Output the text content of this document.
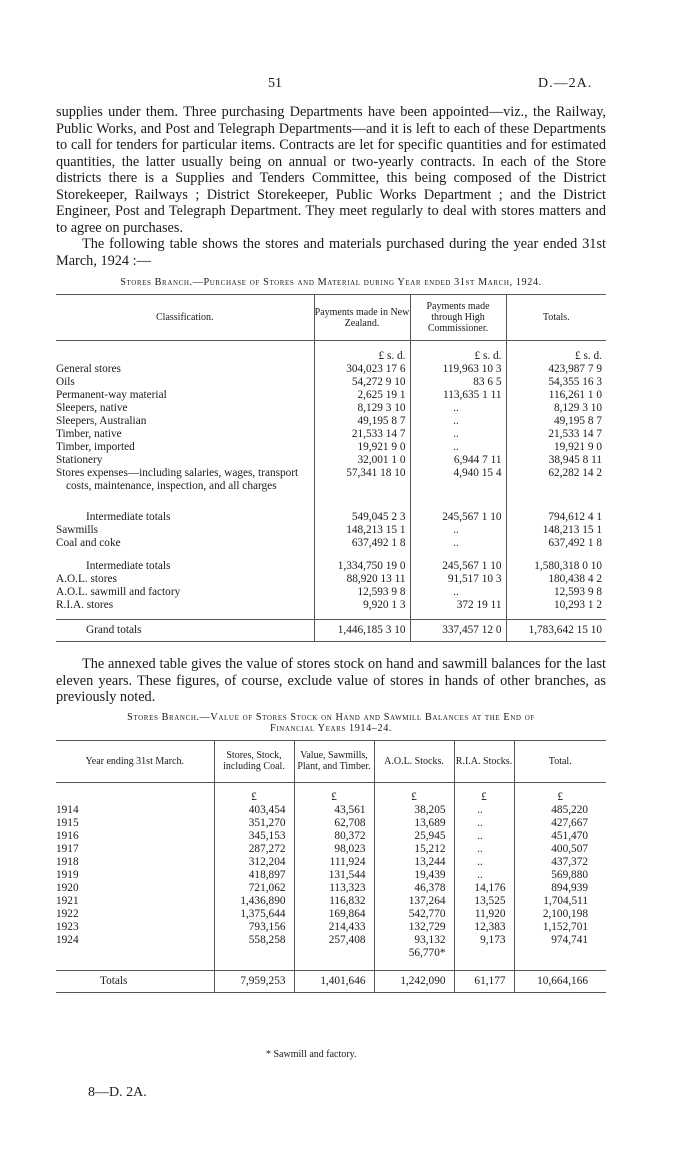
51	D.—2A.

supplies under them. Three purchasing Departments have been appointed—viz., the Railway, Public Works, and Post and Telegraph Departments—and it is left to each of these Departments to call for tenders for particular items. Contracts are let for specific quantities and for estimated quantities, the latter usually being on annual or two-yearly contracts. In each of the Store districts there is a Supplies and Tenders Committee, this being composed of the District Storekeeper, Railways ; District Storekeeper, Public Works Department ; and the District Engineer, Post and Telegraph Department. They meet regularly to deal with stores matters and to agree on purchases.

The following table shows the stores and materials purchased during the year ended 31st March, 1924 :—

Stores Branch.—Purchase of Stores and Material during Year ended 31st March, 1924.

Classification.	Payments made in New Zealand.	Payments made through High Commissioner.	Totals.
	£ s. d.	£ s. d.	£ s. d.
General stores	304,023 17 6	119,963 10 3	423,987 7 9
Oils	54,272 9 10	83 6 5	54,355 16 3
Permanent-way material	2,625 19 1	113,635 1 11	116,261 1 0
Sleepers, native	8,129 3 10	..	8,129 3 10
Sleepers, Australian	49,195 8 7	..	49,195 8 7
Timber, native	21,533 14 7	..	21,533 14 7
Timber, imported	19,921 9 0	..	19,921 9 0
Stationery	32,001 1 0	6,944 7 11	38,945 8 11
Stores expenses—including salaries, wages, transport costs, maintenance, inspection, and all charges	57,341 18 10	4,940 15 4	62,282 14 2

Intermediate totals	549,045 2 3	245,567 1 10	794,612 4 1
Sawmills	148,213 15 1	..	148,213 15 1
Coal and coke	637,492 1 8	..	637,492 1 8

Intermediate totals	1,334,750 19 0	245,567 1 10	1,580,318 0 10
A.O.L. stores	88,920 13 11	91,517 10 3	180,438 4 2
A.O.L. sawmill and factory	12,593 9 8	..	12,593 9 8
R.I.A. stores	9,920 1 3	372 19 11	10,293 1 2

Grand totals	1,446,185 3 10	337,457 12 0	1,783,642 15 10

The annexed table gives the value of stores stock on hand and sawmill balances for the last eleven years. These figures, of course, exclude value of stores in hands of other branches, as previously noted.

Stores Branch.—Value of Stores Stock on Hand and Sawmill Balances at the End of

Financial Years 1914–24.

Year ending 31st March.	Stores, Stock, including Coal.	Value, Sawmills, Plant, and Timber.	A.O.L. Stocks.	R.I.A. Stocks.	Total.
	£	£	£	£	£
1914	403,454	43,561	38,205	..	485,220
1915	351,270	62,708	13,689	..	427,667
1916	345,153	80,372	25,945	..	451,470
1917	287,272	98,023	15,212	..	400,507
1918	312,204	111,924	13,244	..	437,372
1919	418,897	131,544	19,439	..	569,880
1920	721,062	113,323	46,378	14,176	894,939
1921	1,436,890	116,832	137,264	13,525	1,704,511
1922	1,375,644	169,864	542,770	11,920	2,100,198
1923	793,156	214,433	132,729	12,383	1,152,701
1924	558,258	257,408	93,132	9,173	974,741
			56,770*		

Totals	7,959,253	1,401,646	1,242,090	61,177	10,664,166
* Sawmill and factory.
8—D. 2A.
